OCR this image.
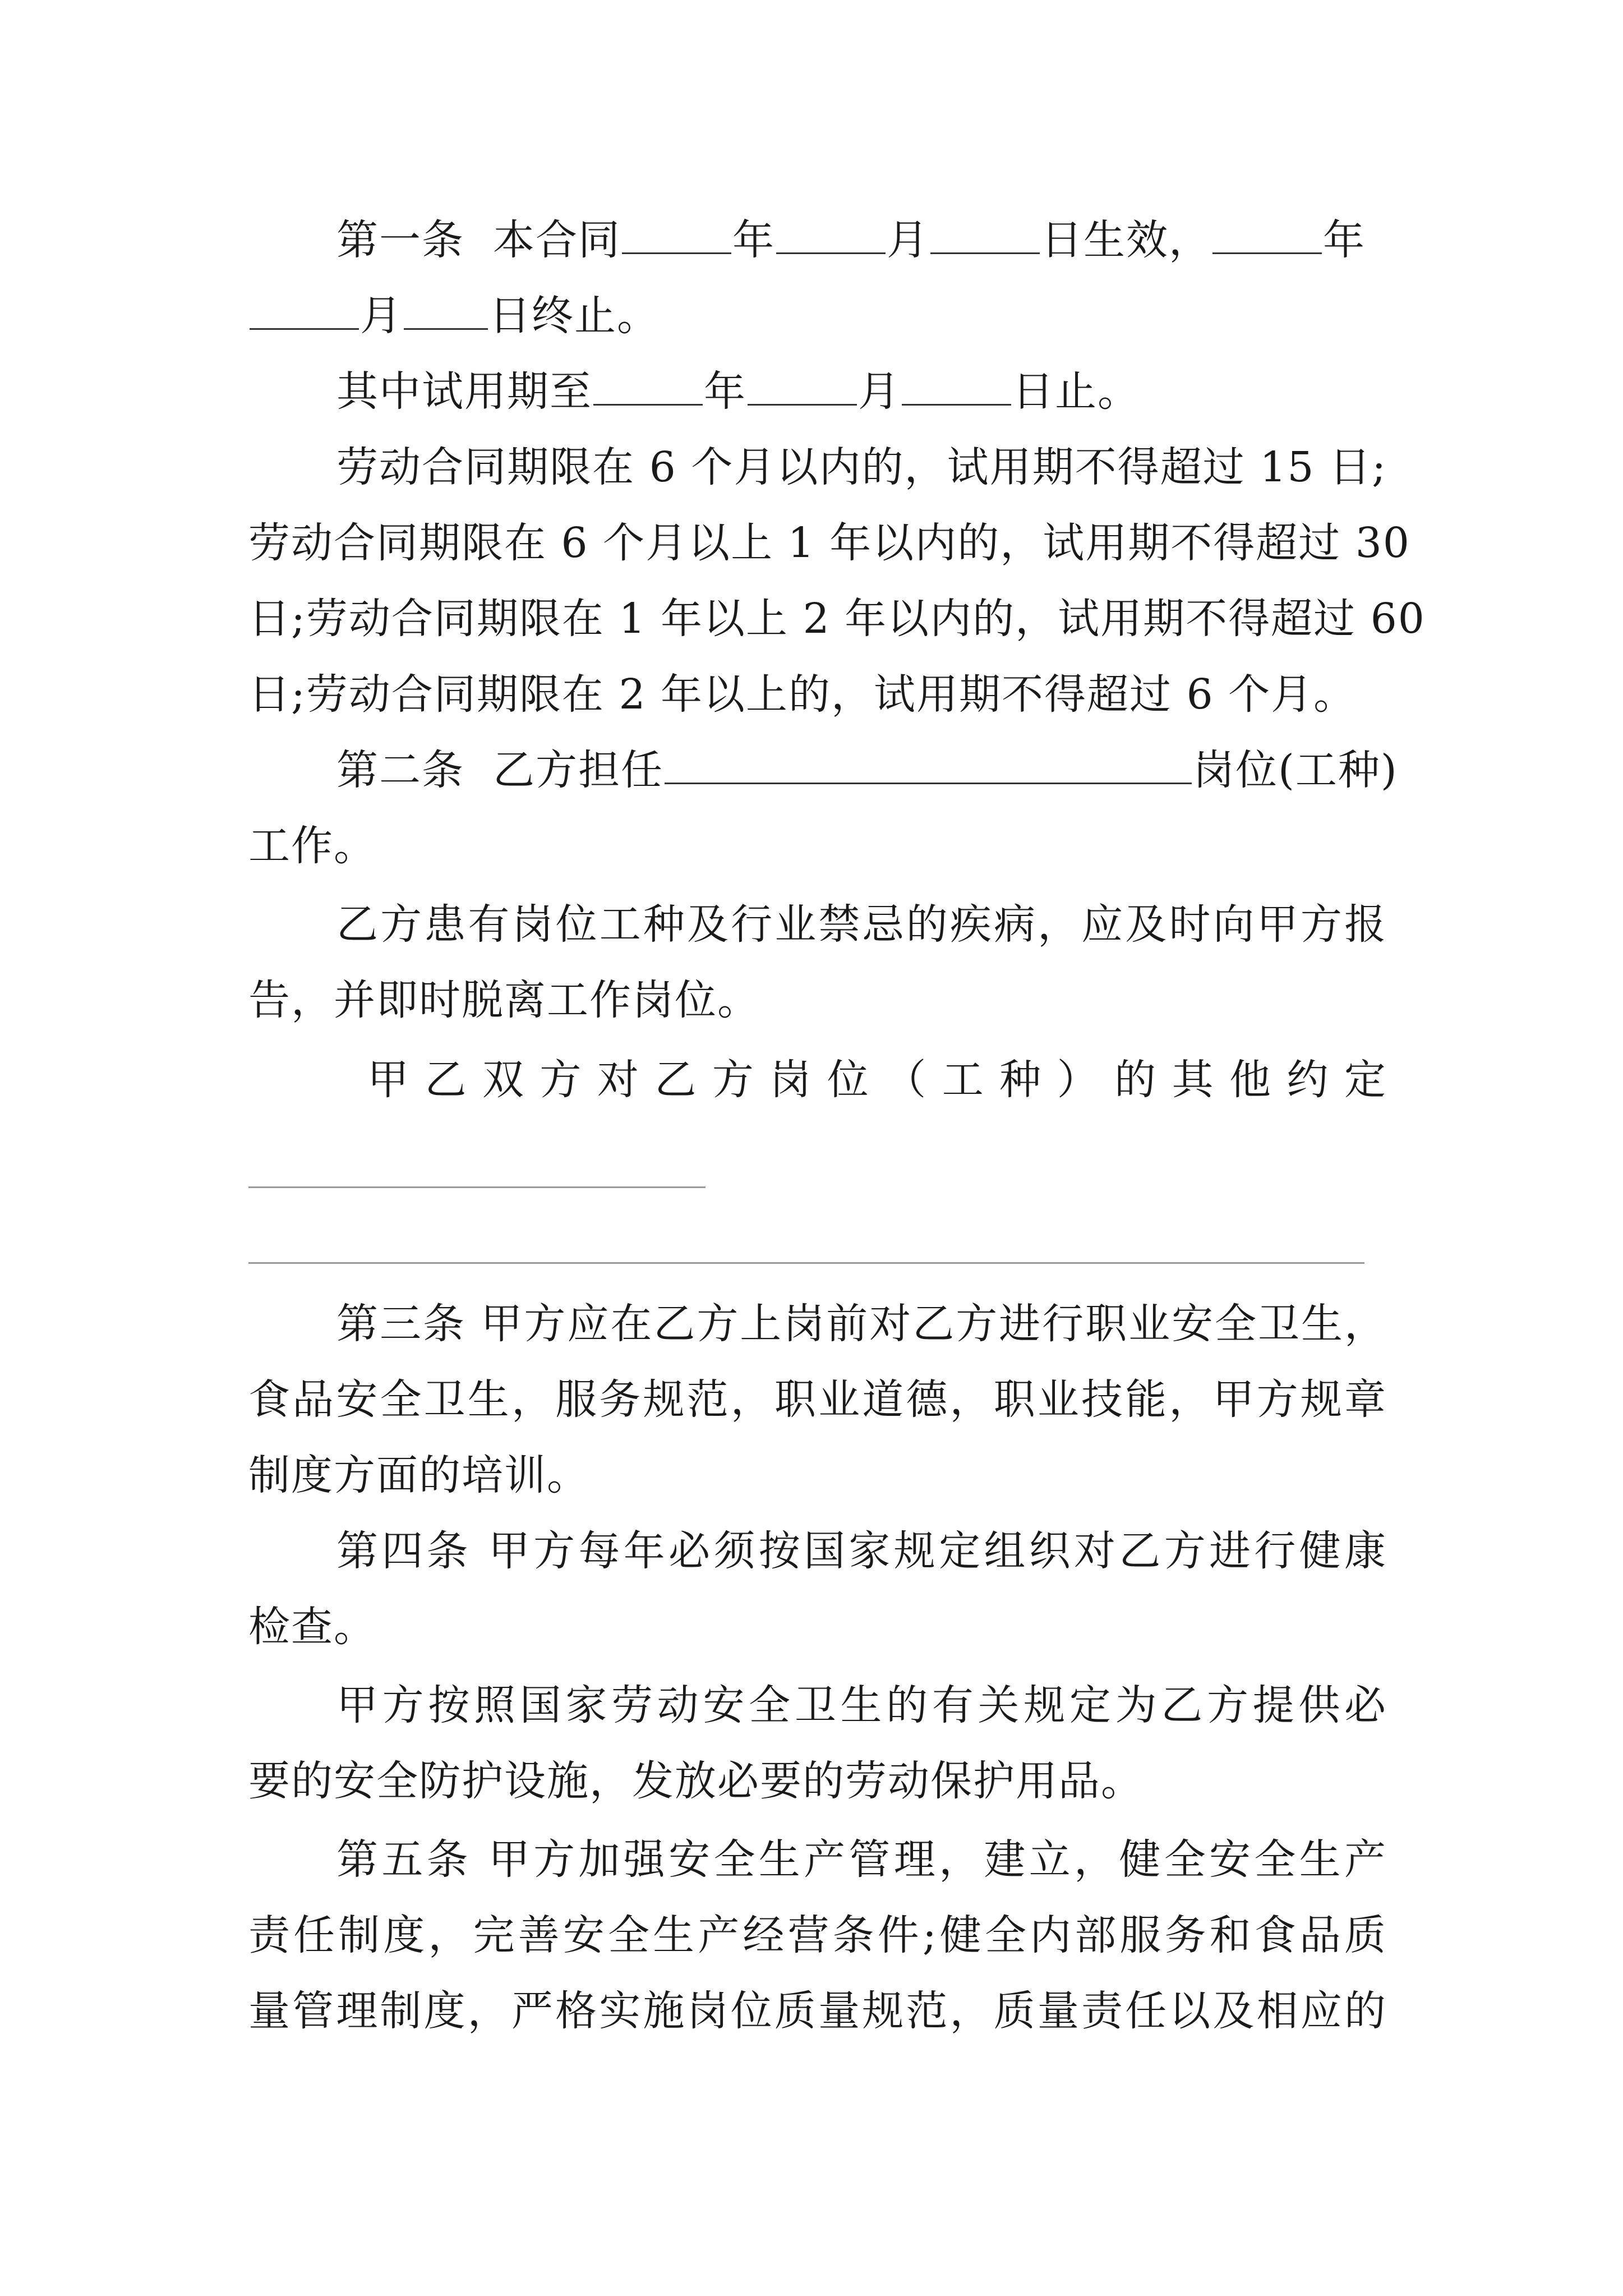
第一条 本合同	年	月	日生效，	年
月 日终止。
其中试用期至	年	月	日止。
劳动合同期限在 6 个月以内的，试用期不得超过 15 日;
劳动合同期限在 6 个月以上 1 年以内的，试用期不得超过 30
日;劳动合同期限在 1 年以上 2 年以内的，试用期不得超过 60
日;劳动合同期限在 2 年以上的，试用期不得超过 6 个月。
第二条 乙方担任	岗位(工种)
工作。
乙方患有岗位工种及行业禁忌的疾病，应及时向甲方报
告，并即时脱离工作岗位。
甲乙双方对乙方岗位（工种）的其他约定
第三条 甲方应在乙方上岗前对乙方进行职业安全卫生，
食品安全卫生，服务规范，职业道德，职业技能，甲方规章
制度方面的培训。
第四条 甲方每年必须按国家规定组织对乙方进行健康
检查。
甲方按照国家劳动安全卫生的有关规定为乙方提供必
要的安全防护设施，发放必要的劳动保护用品。
第五条 甲方加强安全生产管理，建立，健全安全生产
责任制度，完善安全生产经营条件;健全内部服务和食品质
量管理制度，严格实施岗位质量规范，质量责任以及相应的
